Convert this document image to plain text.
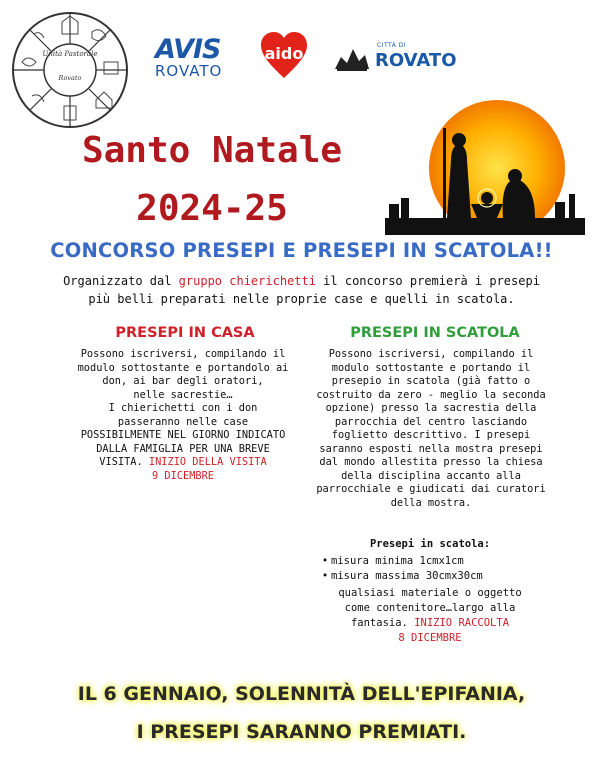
Unità Pastorale
Rovato
AVIS
ROVATO
aido	CITTÀ DI
ROVATO
Santo Natale
2024-25
CONCORSO PRESEPI E PRESEPI IN SCATOLA!!
Organizzato dal gruppo chierichetti il concorso premierà i presepi più belli preparati nelle proprie case e quelli in scatola.
PRESEPI IN CASA
Possono iscriversi, compilando il
modulo sottostante e portandolo ai
don, ai bar degli oratori,
nelle sacrestie…
I chierichetti con i don
passeranno nelle case
POSSIBILMENTE NEL GIORNO INDICATO
DALLA FAMIGLIA PER UNA BREVE
VISITA. INIZIO DELLA VISITA
9 DICEMBRE
PRESEPI IN SCATOLA
Possono iscriversi, compilando il
modulo sottostante e portando il
presepio in scatola (già fatto o
costruito da zero - meglio la seconda
opzione) presso la sacrestia della
parrocchia del centro lasciando
foglietto descrittivo. I presepi
saranno esposti nella mostra presepi
dal mondo allestita presso la chiesa
della disciplina accanto alla
parrocchiale e giudicati dai curatori
della mostra.
Presepi in scatola:
• misura minima 1cmx1cm
• misura massima 30cmx30cm
qualsiasi materiale o oggetto
come contenitore…largo alla
fantasia. INIZIO RACCOLTA
8 DICEMBRE
IL 6 GENNAIO, SOLENNITÀ DELL'EPIFANIA,
I PRESEPI SARANNO PREMIATI.
